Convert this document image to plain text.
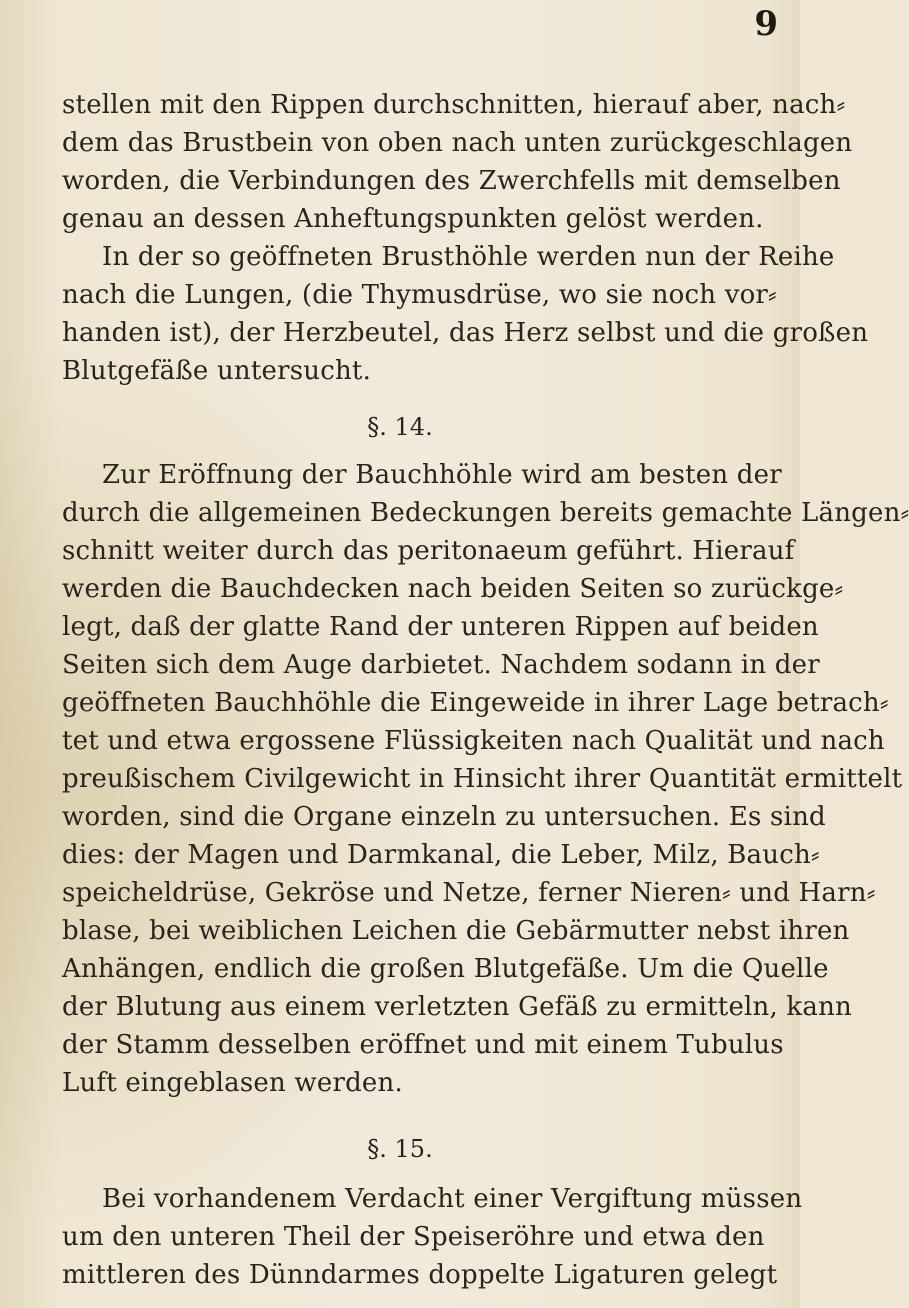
9
stellen mit den Rippen durchschnitten, hierauf aber, nach⸗
dem das Brustbein von oben nach unten zurückgeschlagen
worden, die Verbindungen des Zwerchfells mit demselben
genau an dessen Anheftungspunkten gelöst werden.
In der so geöffneten Brusthöhle werden nun der Reihe
nach die Lungen, (die Thymusdrüse, wo sie noch vor⸗
handen ist), der Herzbeutel, das Herz selbst und die großen
Blutgefäße untersucht.
§. 14.
Zur Eröffnung der Bauchhöhle wird am besten der
durch die allgemeinen Bedeckungen bereits gemachte Längen⸗
schnitt weiter durch das peritonaeum geführt. Hierauf
werden die Bauchdecken nach beiden Seiten so zurückge⸗
legt, daß der glatte Rand der unteren Rippen auf beiden
Seiten sich dem Auge darbietet. Nachdem sodann in der
geöffneten Bauchhöhle die Eingeweide in ihrer Lage betrach⸗
tet und etwa ergossene Flüssigkeiten nach Qualität und nach
preußischem Civilgewicht in Hinsicht ihrer Quantität ermittelt
worden, sind die Organe einzeln zu untersuchen. Es sind
dies: der Magen und Darmkanal, die Leber, Milz, Bauch⸗
speicheldrüse, Gekröse und Netze, ferner Nieren⸗ und Harn⸗
blase, bei weiblichen Leichen die Gebärmutter nebst ihren
Anhängen, endlich die großen Blutgefäße. Um die Quelle
der Blutung aus einem verletzten Gefäß zu ermitteln, kann
der Stamm desselben eröffnet und mit einem Tubulus
Luft eingeblasen werden.
§. 15.
Bei vorhandenem Verdacht einer Vergiftung müssen
um den unteren Theil der Speiseröhre und etwa den
mittleren des Dünndarmes doppelte Ligaturen gelegt
